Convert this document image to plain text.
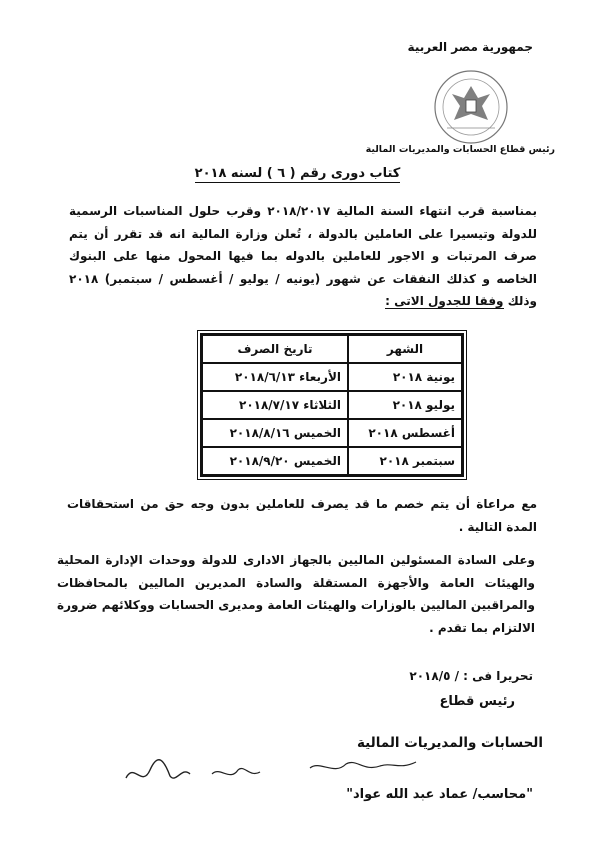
جمهورية مصر العربية
رئيس قطاع الحسابات والمديريات المالية
كتاب دورى رقم ( ٦ ) لسنه ٢٠١٨
بمناسبة قرب انتهاء السنة المالية ٢٠١٨/٢٠١٧ وقرب حلول المناسبات الرسمية للدولة وتيسيرا على العاملين بالدولة ، تُعلن وزارة المالية انه قد تقرر أن يتم صرف المرتبات و الاجور للعاملين بالدوله بما فيها المحول منها على البنوك الخاصه و كذلك النفقات عن شهور (يونيه / يوليو / أغسطس / سبتمبر) ٢٠١٨ وذلك وفقا للجدول الاتى :
الشهر	تاريخ الصرف
يونية ٢٠١٨	الأربعاء ٢٠١٨/٦/١٣
يوليو ٢٠١٨	الثلاثاء ٢٠١٨/٧/١٧
أغسطس ٢٠١٨	الخميس ٢٠١٨/٨/١٦
سبتمبر ٢٠١٨	الخميس ٢٠١٨/٩/٢٠
مع مراعاة أن يتم خصم ما قد يصرف للعاملين بدون وجه حق من استحقاقات المدة التالية .
وعلى السادة المسئولين الماليين بالجهاز الادارى للدولة ووحدات الإدارة المحلية والهيئات العامة والأجهزة المستقلة والسادة المديرين الماليين بالمحافظات والمراقبين الماليين بالوزارات والهيئات العامة ومديرى الحسابات ووكلائهم ضرورة الالتزام بما تقدم .
تحريرا فى : / ٢٠١٨/٥
رئيس قطاع
الحسابات والمديريات المالية
"محاسب/ عماد عبد الله عواد"
